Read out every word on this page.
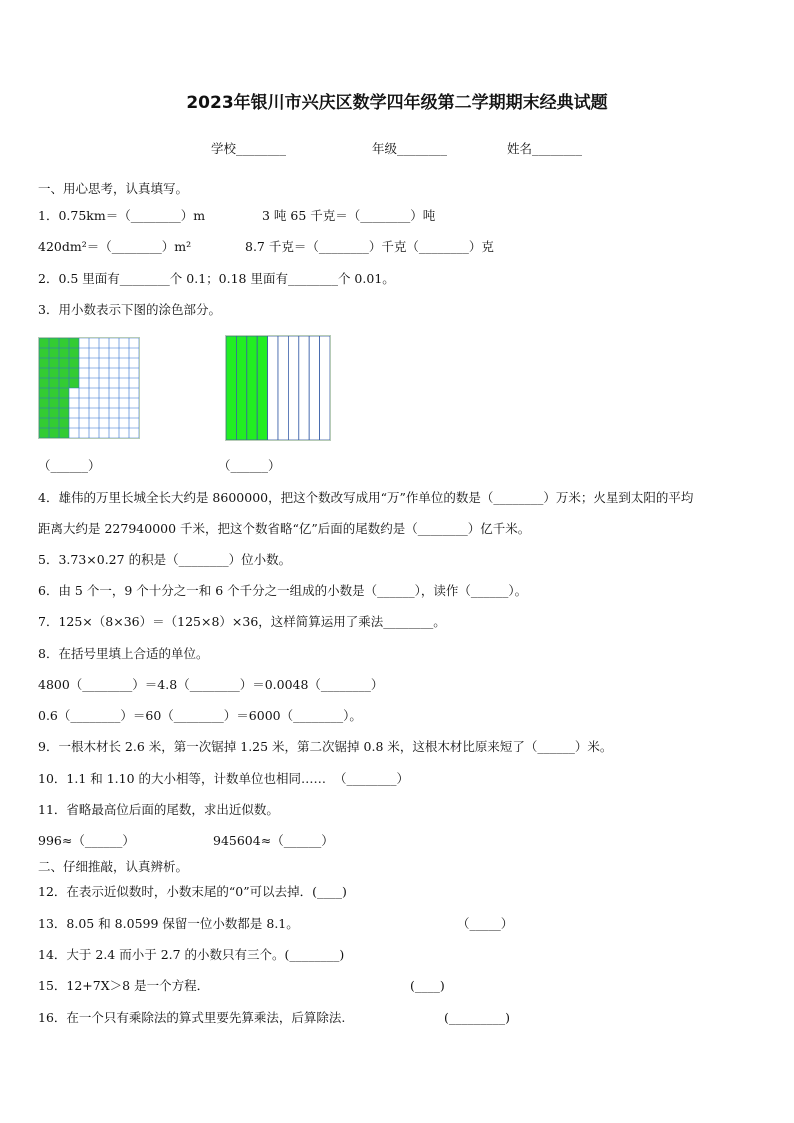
2023年银川市兴庆区数学四年级第二学期期末经典试题
学校________	年级________	姓名________
一、用心思考，认真填写。
1．0.75km＝（________）m	3 吨 65 千克＝（________）吨
420dm²＝（________）m²	8.7 千克＝（________）千克（________）克
2．0.5 里面有________个 0.1；0.18 里面有________个 0.01。
3．用小数表示下图的涂色部分。
（______）	（______）
4．雄伟的万里长城全长大约是 8600000，把这个数改写成用“万”作单位的数是（________）万米；火星到太阳的平均
距离大约是 227940000 千米，把这个数省略“亿”后面的尾数约是（________）亿千米。
5．3.73×0.27 的积是（________）位小数。
6．由 5 个一，9 个十分之一和 6 个千分之一组成的小数是（______），读作（______）。
7．125×（8×36）＝（125×8）×36，这样简算运用了乘法________。
8．在括号里填上合适的单位。
4800（________）＝4.8（________）＝0.0048（________）
0.6（________）＝60（________）＝6000（________）。
9．一根木材长 2.6 米，第一次锯掉 1.25 米，第二次锯掉 0.8 米，这根木材比原来短了（______）米。
10．1.1 和 1.10 的大小相等，计数单位也相同……  （________）
11．省略最高位后面的尾数，求出近似数。
996≈（______）	945604≈（______）
二、仔细推敲，认真辨析。
12．在表示近似数时，小数末尾的“0”可以去掉．(____)
13．8.05 和 8.0599 保留一位小数都是 8.1。	（_____）
14．大于 2.4 而小于 2.7 的小数只有三个。(________)
15．12+7X＞8 是一个方程．	(____)
16．在一个只有乘除法的算式里要先算乘法，后算除法.	(_________)
